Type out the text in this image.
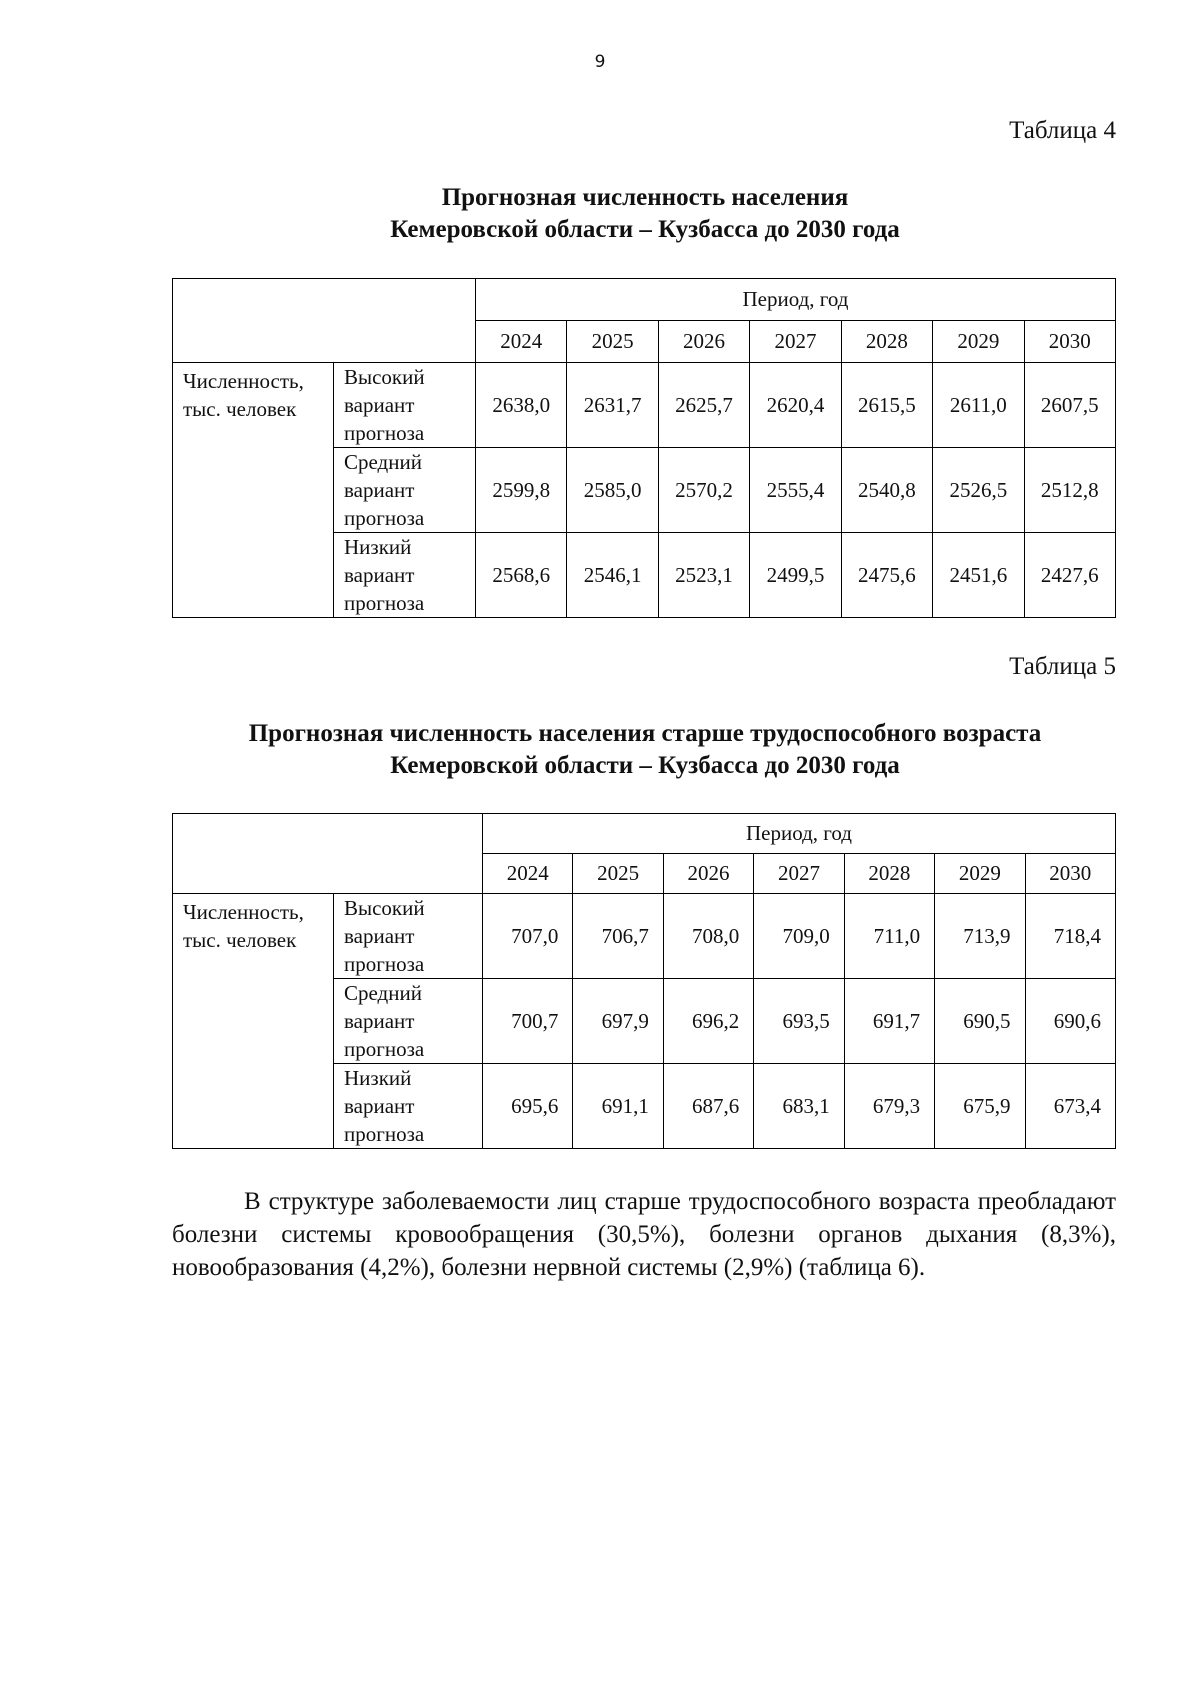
9
Таблица 4
Прогнозная численность населения
Кемеровской области – Кузбасса до 2030 года
		Период, год						
		2024	2025	2026	2027	2028	2029	2030
Численность, тыс. человек	Высокий
вариант
прогноза	2638,0	2631,7	2625,7	2620,4	2615,5	2611,0	2607,5

	Средний
вариант
прогноза	2599,8	2585,0	2570,2	2555,4	2540,8	2526,5	2512,8

	Низкий
вариант
прогноза	2568,6	2546,1	2523,1	2499,5	2475,6	2451,6	2427,6
Таблица 5
Прогнозная численность населения старше трудоспособного возраста
Кемеровской области – Кузбасса до 2030 года
		Период, год						
		2024	2025	2026	2027	2028	2029	2030
Численность, тыс. человек	Высокий
вариант
прогноза	707,0	706,7	708,0	709,0	711,0	713,9	718,4

	Средний
вариант
прогноза	700,7	697,9	696,2	693,5	691,7	690,5	690,6

	Низкий
вариант
прогноза	695,6	691,1	687,6	683,1	679,3	675,9	673,4
В структуре заболеваемости лиц старше трудоспособного возраста преобладают болезни системы кровообращения (30,5%), болезни органов дыхания (8,3%), новообразования (4,2%), болезни нервной системы (2,9%) (таблица 6).
